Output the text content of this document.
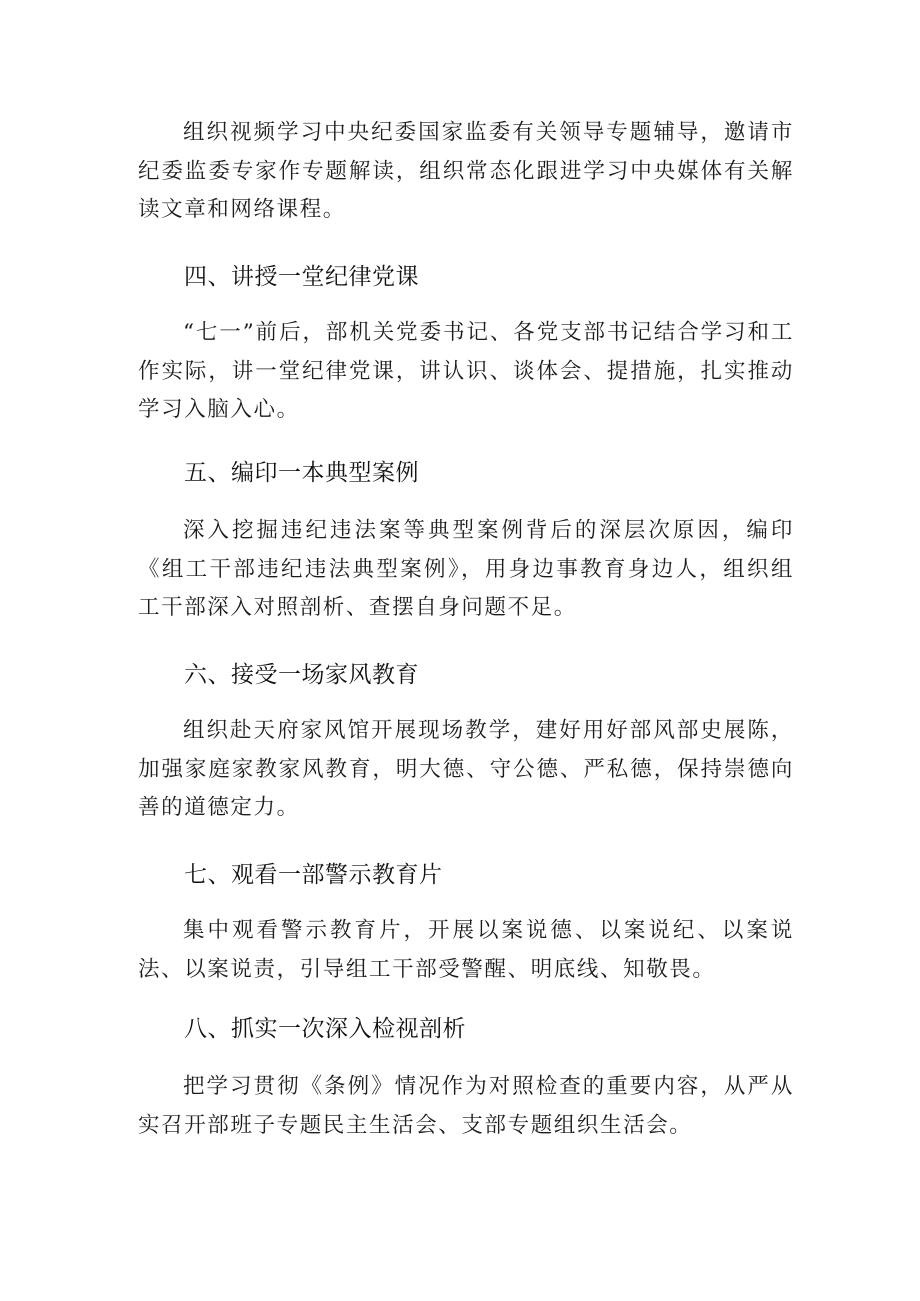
组织视频学习中央纪委国家监委有关领导专题辅导，邀请市纪委监委专家作专题解读，组织常态化跟进学习中央媒体有关解读文章和网络课程。

四、讲授一堂纪律党课

“七一”前后，部机关党委书记、各党支部书记结合学习和工作实际，讲一堂纪律党课，讲认识、谈体会、提措施，扎实推动学习入脑入心。

五、编印一本典型案例

深入挖掘违纪违法案等典型案例背后的深层次原因，编印《组工干部违纪违法典型案例》，用身边事教育身边人，组织组工干部深入对照剖析、查摆自身问题不足。

六、接受一场家风教育

组织赴天府家风馆开展现场教学，建好用好部风部史展陈，加强家庭家教家风教育，明大德、守公德、严私德，保持崇德向善的道德定力。

七、观看一部警示教育片

集中观看警示教育片，开展以案说德、以案说纪、以案说法、以案说责，引导组工干部受警醒、明底线、知敬畏。

八、抓实一次深入检视剖析

把学习贯彻《条例》情况作为对照检查的重要内容，从严从实召开部班子专题民主生活会、支部专题组织生活会。
